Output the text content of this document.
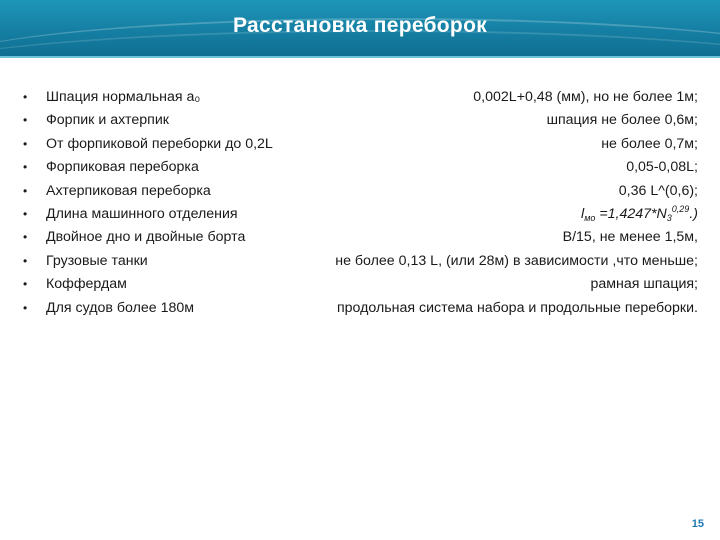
Расстановка переборок
• Шпация нормальная a₀	0,002L+0,48 (мм), но не более 1м;
• Форпик и ахтерпик	шпация не более 0,6м;
• От форпиковой переборки до 0,2L	не более 0,7м;
• Форпиковая переборка	0,05-0,08L;
• Ахтерпиковая переборка	0,36 L^(0,6);
• Длина машинного отделения	$l_{мо} =1,4247*N_3^{0,29}$.)
• Двойное дно и двойные борта	B/15, не менее 1,5м,
• Грузовые танки	не более 0,13 L, (или 28м) в зависимости ,что меньше;
• Коффердам	рамная шпация;
• Для судов более 180м	продольная система набора и продольные переборки.
15
